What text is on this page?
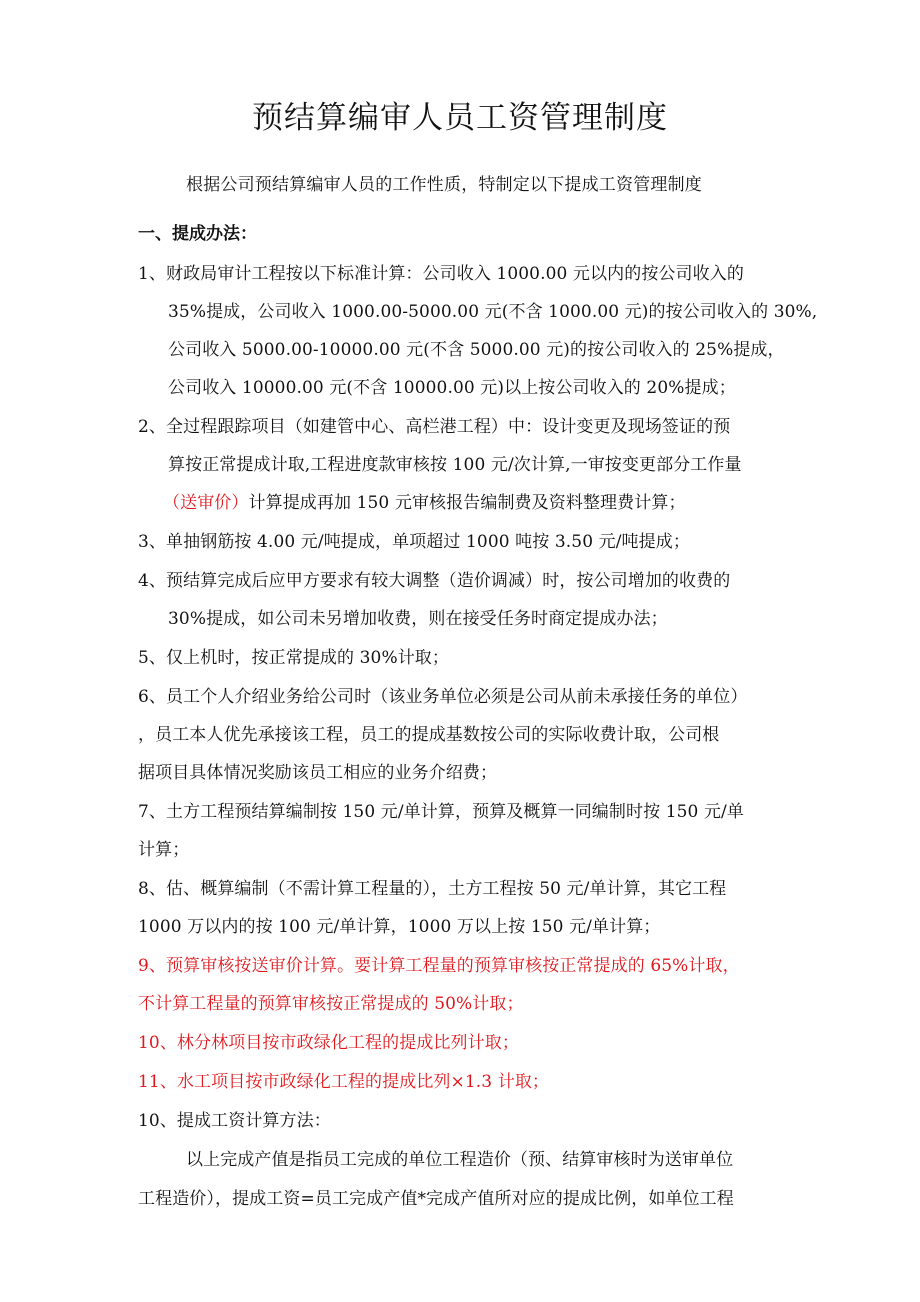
预结算编审人员工资管理制度

根据公司预结算编审人员的工作性质，特制定以下提成工资管理制度

一、提成办法：

1、财政局审计工程按以下标准计算：公司收入 1000.00 元以内的按公司收入的

35%提成，公司收入 1000.00-5000.00 元(不含 1000.00 元)的按公司收入的 30%,

公司收入 5000.00-10000.00 元(不含 5000.00 元)的按公司收入的 25%提成，

公司收入 10000.00 元(不含 10000.00 元)以上按公司收入的 20%提成；

2、全过程跟踪项目（如建管中心、高栏港工程）中：设计变更及现场签证的预

算按正常提成计取,工程进度款审核按 100 元/次计算,一审按变更部分工作量

（送审价）计算提成再加 150 元审核报告编制费及资料整理费计算；

3、单抽钢筋按 4.00 元/吨提成，单项超过 1000 吨按 3.50 元/吨提成；

4、预结算完成后应甲方要求有较大调整（造价调减）时，按公司增加的收费的

30%提成，如公司未另增加收费，则在接受任务时商定提成办法；

5、仅上机时，按正常提成的 30%计取；

6、员工个人介绍业务给公司时（该业务单位必须是公司从前未承接任务的单位）

，员工本人优先承接该工程，员工的提成基数按公司的实际收费计取，公司根

据项目具体情况奖励该员工相应的业务介绍费；

7、土方工程预结算编制按 150 元/单计算，预算及概算一同编制时按 150 元/单

计算；

8、估、概算编制（不需计算工程量的），土方工程按 50 元/单计算，其它工程

1000 万以内的按 100 元/单计算，1000 万以上按 150 元/单计算；

9、预算审核按送审价计算。要计算工程量的预算审核按正常提成的 65%计取，

不计算工程量的预算审核按正常提成的 50%计取；

10、林分林项目按市政绿化工程的提成比列计取；

11、水工项目按市政绿化工程的提成比列×1.3 计取；

10、提成工资计算方法：

以上完成产值是指员工完成的单位工程造价（预、结算审核时为送审单位

工程造价），提成工资=员工完成产值*完成产值所对应的提成比例，如单位工程
